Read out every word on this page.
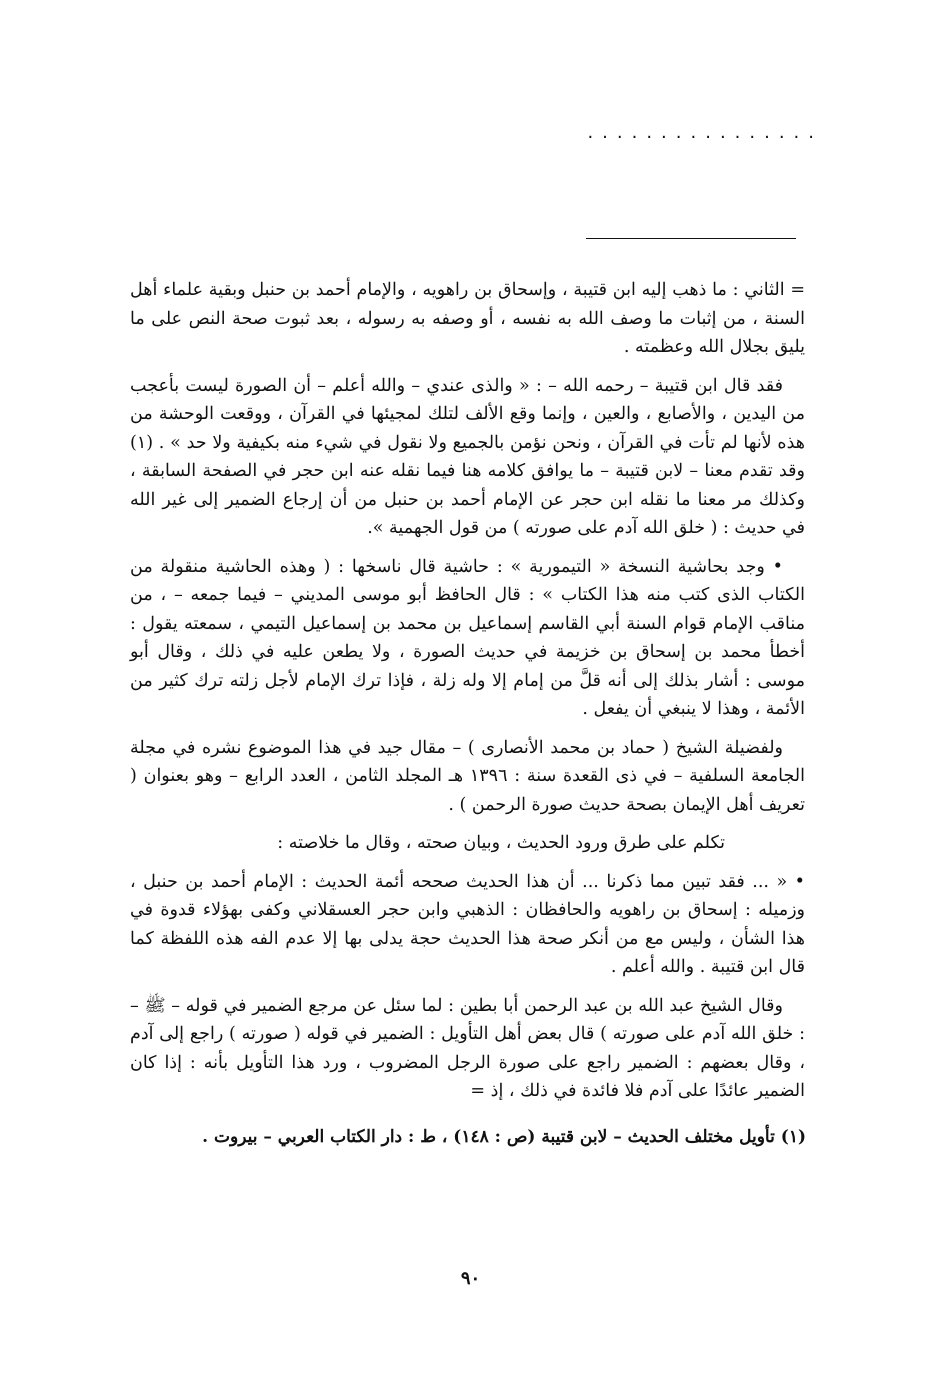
................

= الثاني : ما ذهب إليه ابن قتيبة ، وإسحاق بن راهويه ، والإمام أحمد بن حنبل وبقية علماء أهل السنة ، من إثبات ما وصف الله به نفسه ، أو وصفه به رسوله ، بعد ثبوت صحة النص على ما يليق بجلال الله وعظمته .

فقد قال ابن قتيبة – رحمه الله – : « والذى عندي – والله أعلم – أن الصورة ليست بأعجب من اليدين ، والأصابع ، والعين ، وإنما وقع الألف لتلك لمجيئها في القرآن ، ووقعت الوحشة من هذه لأنها لم تأت في القرآن ، ونحن نؤمن بالجميع ولا نقول في شيء منه بكيفية ولا حد » . (١) وقد تقدم معنا – لابن قتيبة – ما يوافق كلامه هنا فيما نقله عنه ابن حجر في الصفحة السابقة ، وكذلك مر معنا ما نقله ابن حجر عن الإمام أحمد بن حنبل من أن إرجاع الضمير إلى غير الله في حديث : ( خلق الله آدم على صورته ) من قول الجهمية ».

• وجد بحاشية النسخة « التيمورية » : حاشية قال ناسخها : ( وهذه الحاشية منقولة من الكتاب الذى كتب منه هذا الكتاب » : قال الحافظ أبو موسى المديني – فيما جمعه – ، من مناقب الإمام قوام السنة أبي القاسم إسماعيل بن محمد بن إسماعيل التيمي ، سمعته يقول : أخطأ محمد بن إسحاق بن خزيمة في حديث الصورة ، ولا يطعن عليه في ذلك ، وقال أبو موسى : أشار بذلك إلى أنه قلَّ من إمام إلا وله زلة ، فإذا ترك الإمام لأجل زلته ترك كثير من الأئمة ، وهذا لا ينبغي أن يفعل .

ولفضيلة الشيخ ( حماد بن محمد الأنصارى ) – مقال جيد في هذا الموضوع نشره في مجلة الجامعة السلفية – في ذى القعدة سنة : ١٣٩٦ هـ المجلد الثامن ، العدد الرابع – وهو بعنوان ( تعريف أهل الإيمان بصحة حديث صورة الرحمن ) .

تكلم على طرق ورود الحديث ، وبيان صحته ، وقال ما خلاصته :

• « ... فقد تبين مما ذكرنا ... أن هذا الحديث صححه أئمة الحديث : الإمام أحمد بن حنبل ، وزميله : إسحاق بن راهويه والحافظان : الذهبي وابن حجر العسقلاني وكفى بهؤلاء قدوة في هذا الشأن ، وليس مع من أنكر صحة هذا الحديث حجة يدلى بها إلا عدم الفه هذه اللفظة كما قال ابن قتيبة . والله أعلم .

وقال الشيخ عبد الله بن عبد الرحمن أبا بطين : لما سئل عن مرجع الضمير في قوله – ﷺ – : خلق الله آدم على صورته ) قال بعض أهل التأويل : الضمير في قوله ( صورته ) راجع إلى آدم ، وقال بعضهم : الضمير راجع على صورة الرجل المضروب ، ورد هذا التأويل بأنه : إذا كان الضمير عائدًا على آدم فلا فائدة في ذلك ، إذ =

(١) تأويل مختلف الحديث – لابن قتيبة (ص : ١٤٨) ، ط : دار الكتاب العربي – بيروت .
٩٠
